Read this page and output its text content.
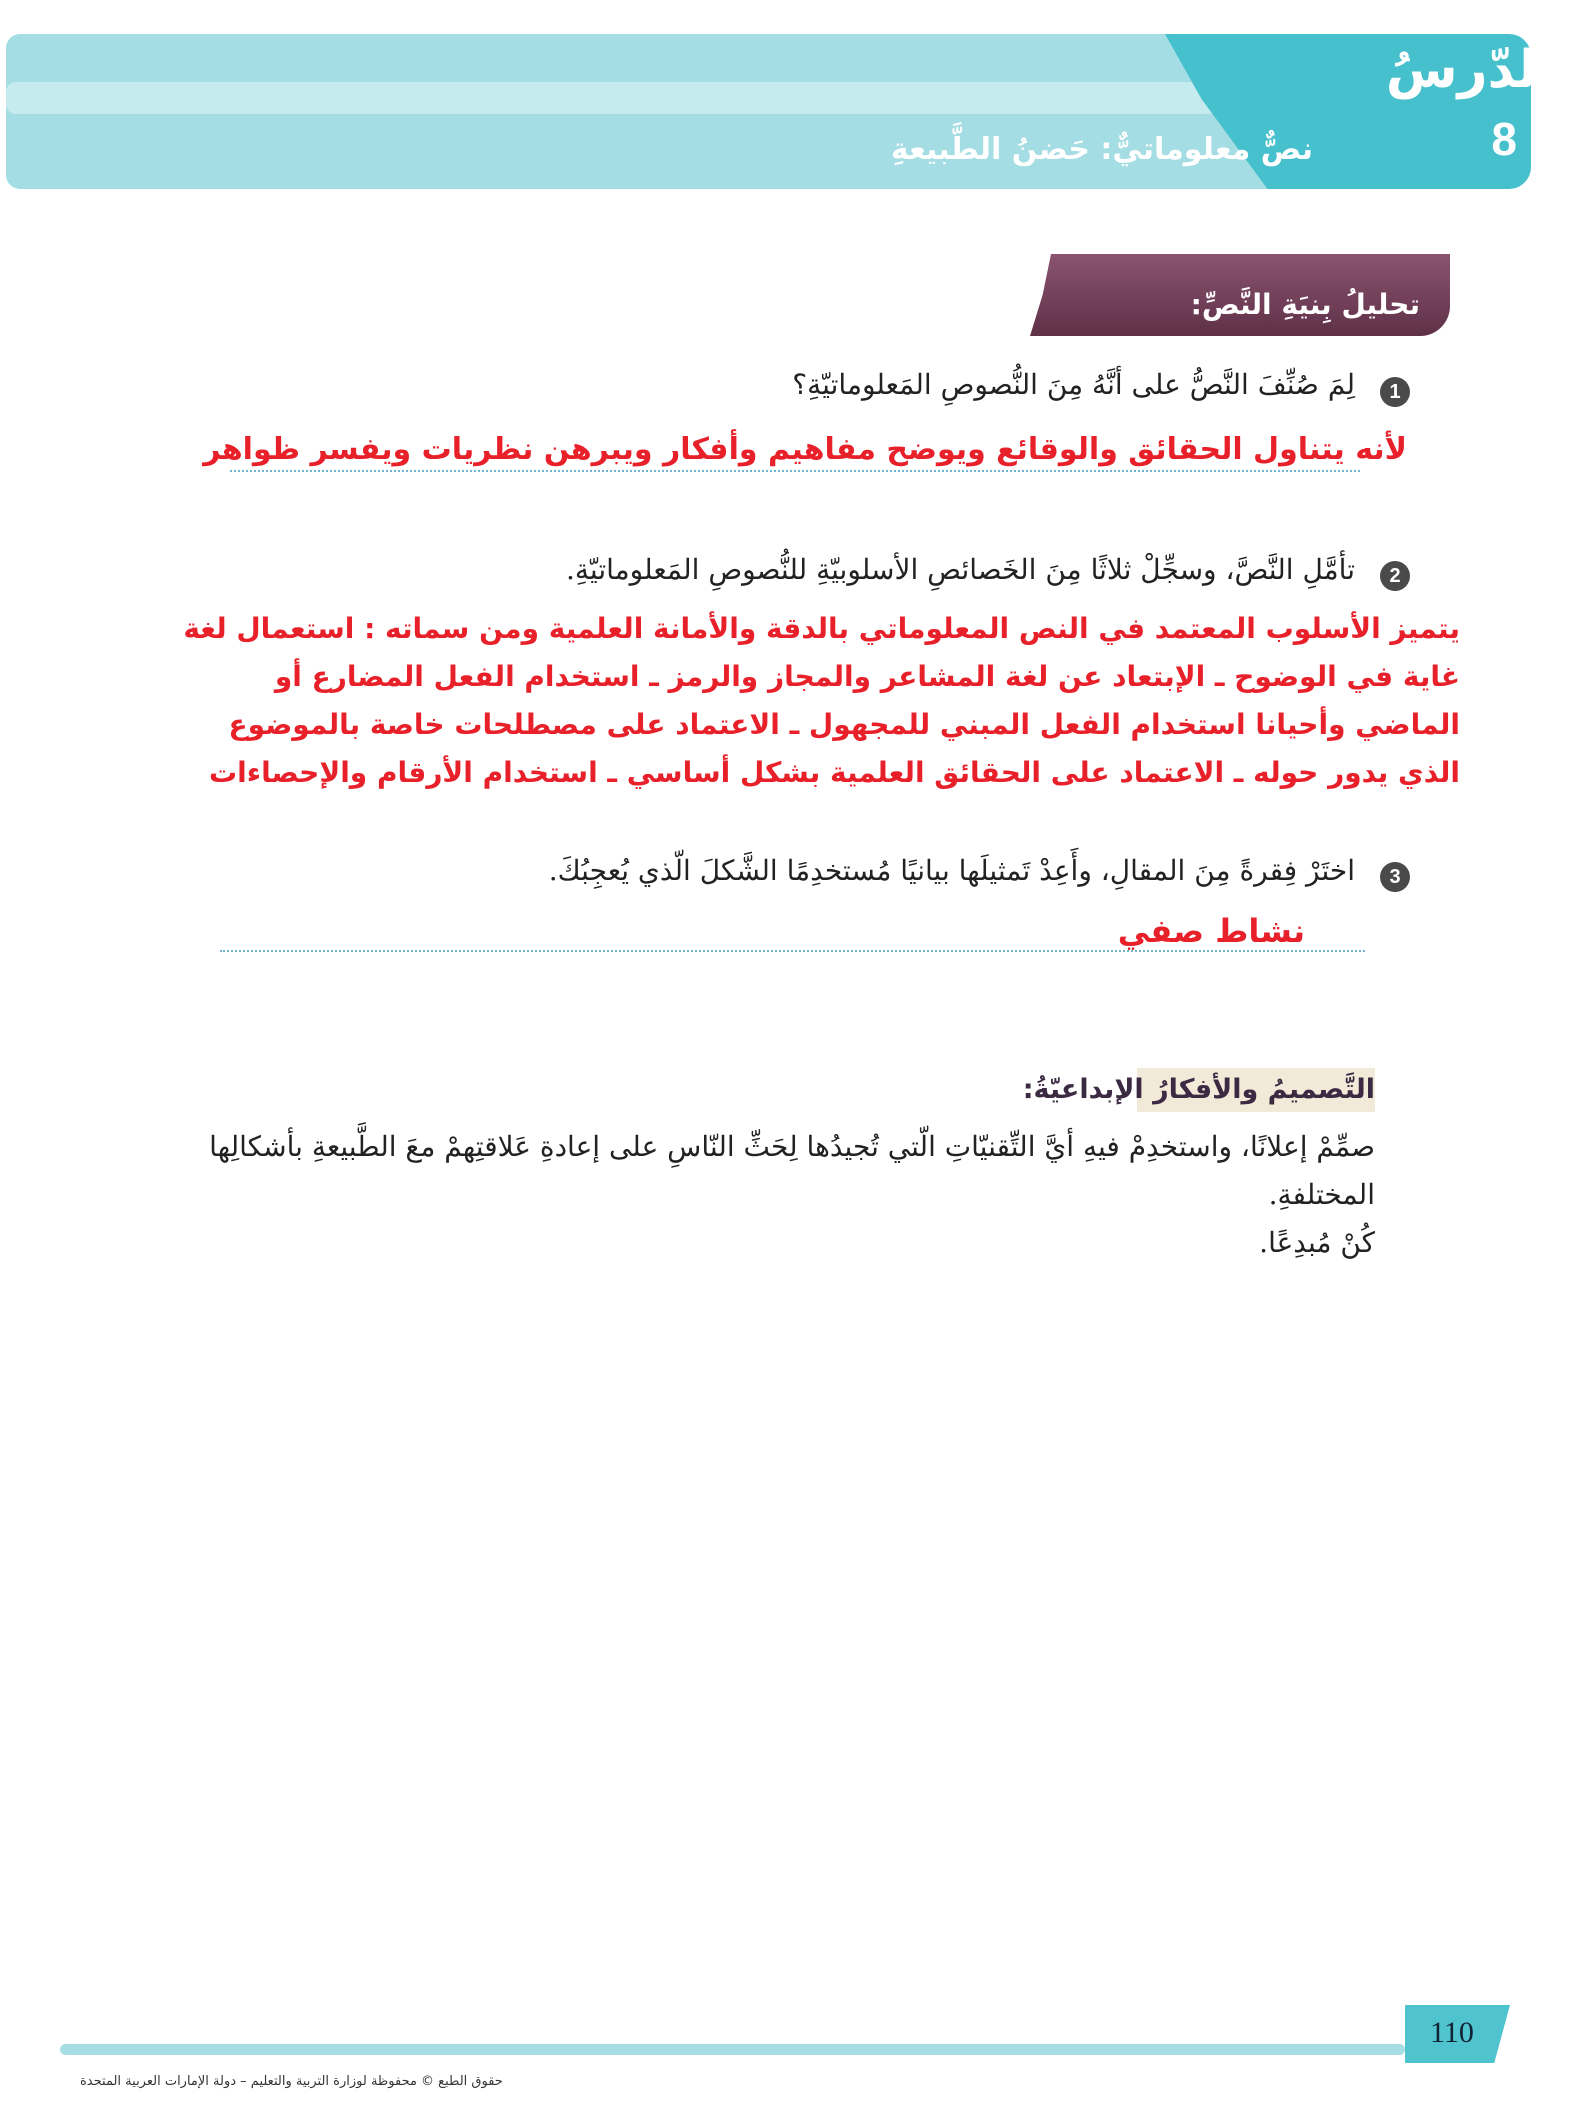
الدّرسُ
8
نصٌّ معلوماتيٌّ: حَضنُ الطَّبيعةِ
تحليلُ بِنيَةِ النَّصِّ:
1
لِمَ صُنِّفَ النَّصُّ على أنَّهُ مِنَ النُّصوصِ المَعلوماتيّةِ؟
لأنه يتناول الحقائق والوقائع ويوضح مفاهيم وأفكار ويبرهن نظريات ويفسر ظواهر
2
تأمَّلِ النَّصَّ، وسجِّلْ ثلاثًا مِنَ الخَصائصِ الأسلوبيّةِ للنُّصوصِ المَعلوماتيّةِ.
يتميز الأسلوب المعتمد في النص المعلوماتي بالدقة والأمانة العلمية ومن سماته : استعمال لغة
غاية في الوضوح ـ الإبتعاد عن لغة المشاعر والمجاز والرمز ـ استخدام الفعل المضارع أو
الماضي وأحيانا استخدام الفعل المبني للمجهول ـ الاعتماد على مصطلحات خاصة بالموضوع
الذي يدور حوله ـ الاعتماد على الحقائق العلمية بشكل أساسي ـ استخدام الأرقام والإحصاءات
3
اختَرْ فِقرةً مِنَ المقالِ، وأَعِدْ تَمثيلَها بيانيًا مُستخدِمًا الشَّكلَ الّذي يُعجِبُكَ.
نشاط صفي
التَّصميمُ والأفكارُ الإبداعيّةُ:
صمِّمْ إعلانًا، واستخدِمْ فيهِ أيَّ التِّقنيّاتِ الّتي تُجيدُها لِحَثِّ النّاسِ على إعادةِ عَلاقتِهمْ معَ الطَّبيعةِ بأشكالِها
المختلفةِ.
كُنْ مُبدِعًا.
110
حقوق الطبع © محفوظة لوزارة التربية والتعليم – دولة الإمارات العربية المتحدة
